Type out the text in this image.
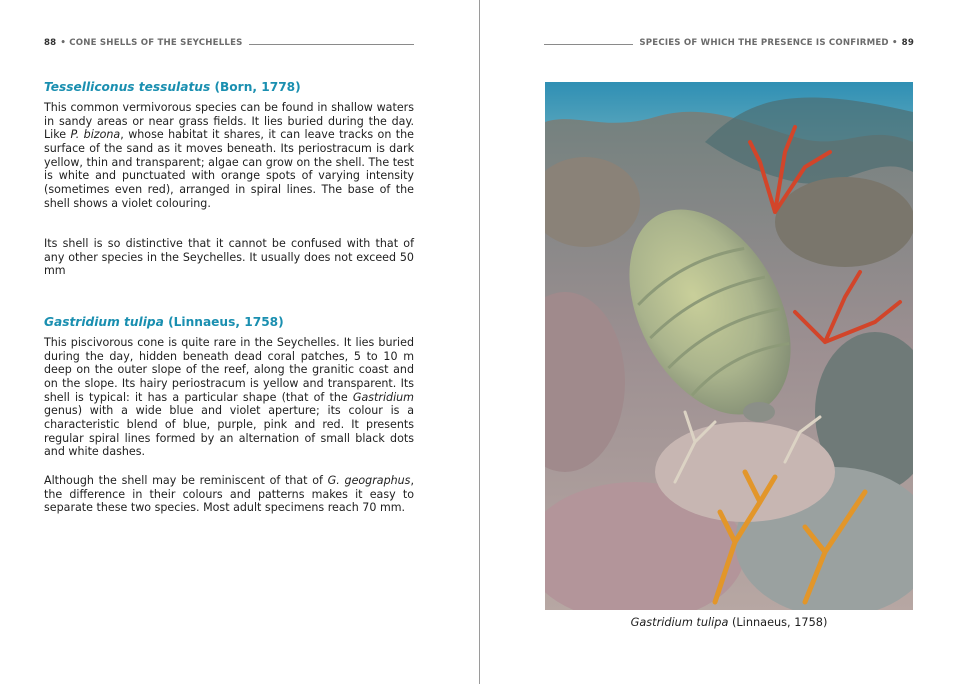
88 • CONE SHELLS OF THE SEYCHELLES
Tesselliconus tessulatus (Born, 1778)

This common vermivorous species can be found in shallow waters in sandy areas or near grass fields. It lies buried during the day. Like P. bizona, whose habitat it shares, it can leave tracks on the surface of the sand as it moves beneath. Its periostracum is dark yellow, thin and transparent; algae can grow on the shell. The test is white and punctuated with orange spots of varying intensity (sometimes even red), arranged in spiral lines. The base of the shell shows a violet colouring.

Its shell is so distinctive that it cannot be confused with that of any other species in the Seychelles. It usually does not exceed 50 mm

Gastridium tulipa (Linnaeus, 1758)

This piscivorous cone is quite rare in the Seychelles. It lies buried during the day, hidden beneath dead coral patches, 5 to 10 m deep on the outer slope of the reef, along the granitic coast and on the slope. Its hairy periostracum is yellow and transparent. Its shell is typical: it has a particular shape (that of the Gastridium genus) with a wide blue and violet aperture; its colour is a characteristic blend of blue, purple, pink and red. It presents regular spiral lines formed by an alternation of small black dots and white dashes.

Although the shell may be reminiscent of that of G. geographus, the difference in their colours and patterns makes it easy to separate these two species. Most adult specimens reach 70 mm.

SPECIES OF WHICH THE PRESENCE IS CONFIRMED • 89
Gastridium tulipa (Linnaeus, 1758)
